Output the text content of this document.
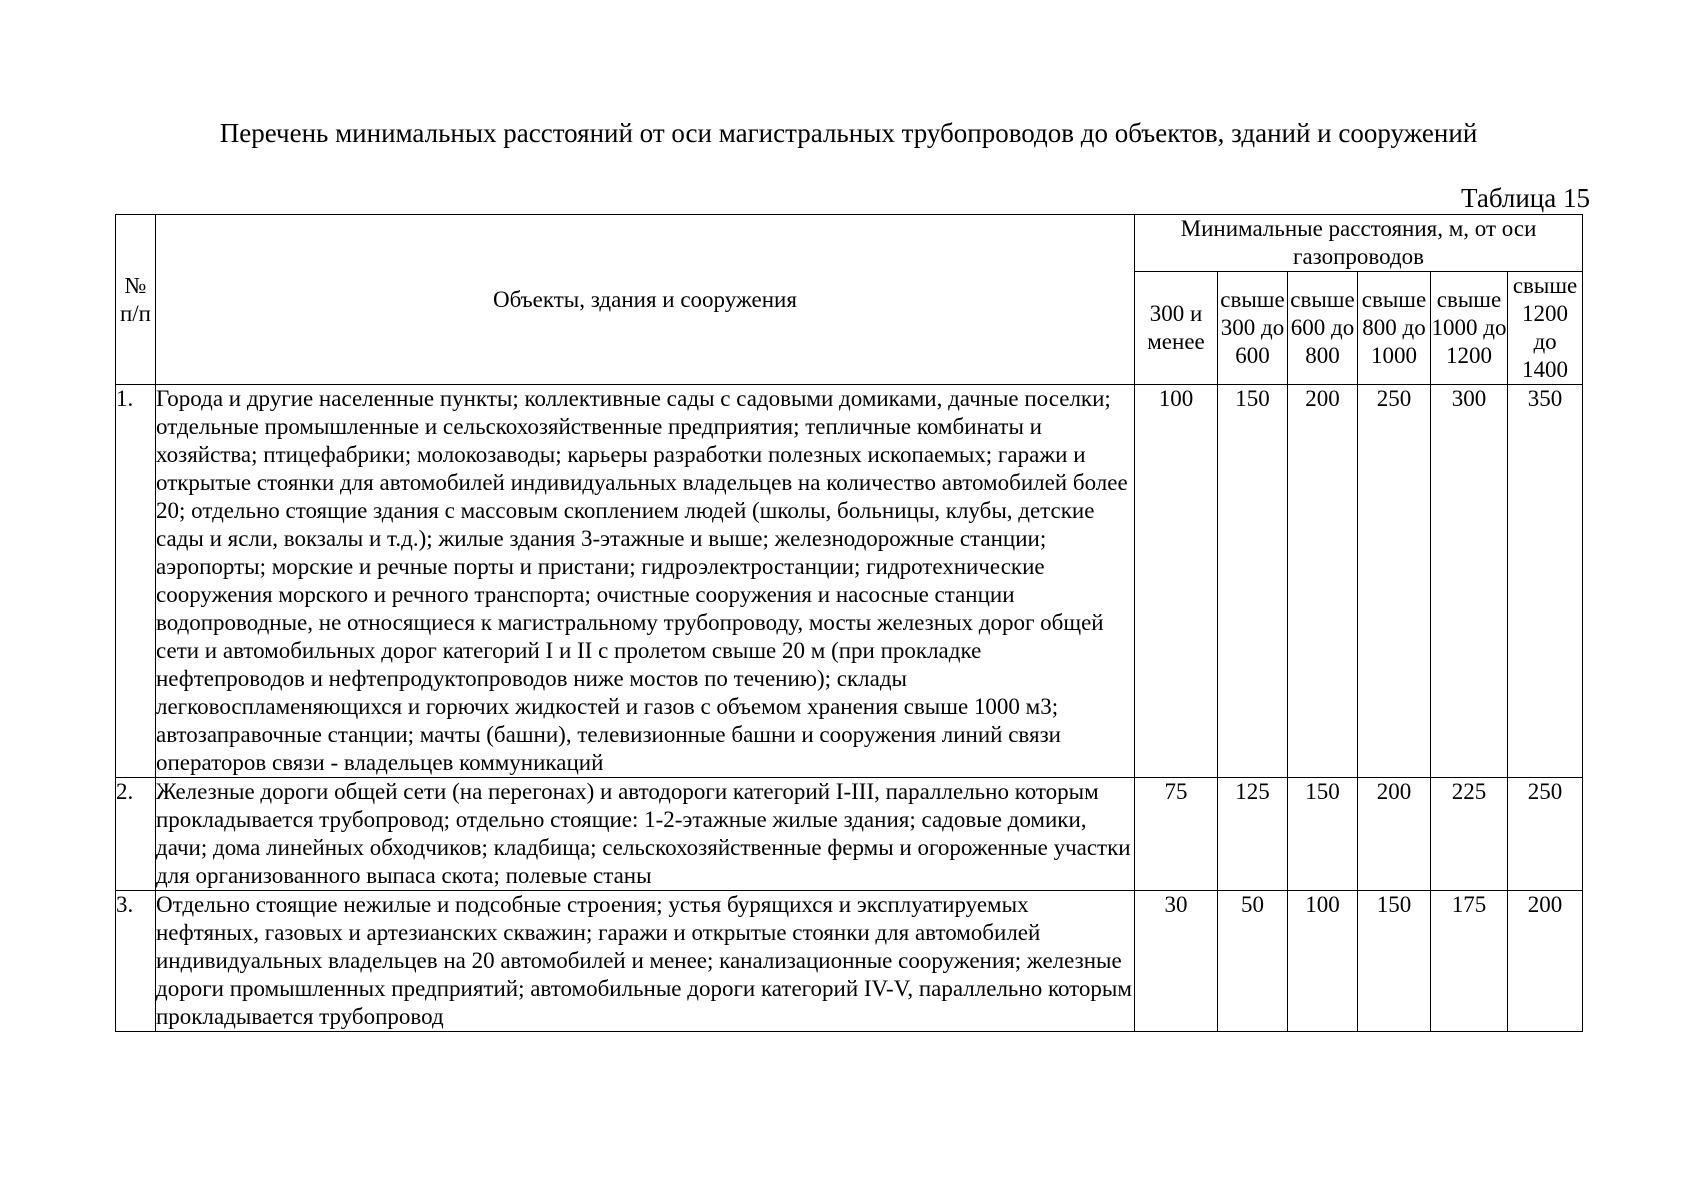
Перечень минимальных расстояний от оси магистральных трубопроводов до объектов, зданий и сооружений
Таблица 15
№ п/п	Объекты, здания и сооружения	Минимальные расстояния, м, от оси газопроводов					
		300 и менее	свыше 300 до 600	свыше 600 до 800	свыше 800 до 1000	свыше 1000 до 1200	свыше 1200 до 1400
1.	Города и другие населенные пункты; коллективные сады с садовыми домиками, дачные поселки; отдельные промышленные и сельскохозяйственные предприятия; тепличные комбинаты и хозяйства; птицефабрики; молокозаводы; карьеры разработки полезных ископаемых; гаражи и открытые стоянки для автомобилей индивидуальных владельцев на количество автомобилей более 20; отдельно стоящие здания с массовым скоплением людей (школы, больницы, клубы, детские сады и ясли, вокзалы и т.д.); жилые здания 3-этажные и выше; железнодорожные станции; аэропорты; морские и речные порты и пристани; гидроэлектростанции; гидротехнические сооружения морского и речного транспорта; очистные сооружения и насосные станции водопроводные, не относящиеся к магистральному трубопроводу, мосты железных дорог общей сети и автомобильных дорог категорий I и II с пролетом свыше 20 м (при прокладке нефтепроводов и нефтепродуктопроводов ниже мостов по течению); склады легковоспламеняющихся и горючих жидкостей и газов с объемом хранения свыше 1000 м3; автозаправочные станции; мачты (башни), телевизионные башни и сооружения линий связи операторов связи - владельцев коммуникаций	100	150	200	250	300	350
2.	Железные дороги общей сети (на перегонах) и автодороги категорий I-III, параллельно которым прокладывается трубопровод; отдельно стоящие: 1-2-этажные жилые здания; садовые домики, дачи; дома линейных обходчиков; кладбища; сельскохозяйственные фермы и огороженные участки для организованного выпаса скота; полевые станы	75	125	150	200	225	250
3.	Отдельно стоящие нежилые и подсобные строения; устья бурящихся и эксплуатируемых нефтяных, газовых и артезианских скважин; гаражи и открытые стоянки для автомобилей индивидуальных владельцев на 20 автомобилей и менее; канализационные сооружения; железные дороги промышленных предприятий; автомобильные дороги категорий IV-V, параллельно которым прокладывается трубопровод	30	50	100	150	175	200
